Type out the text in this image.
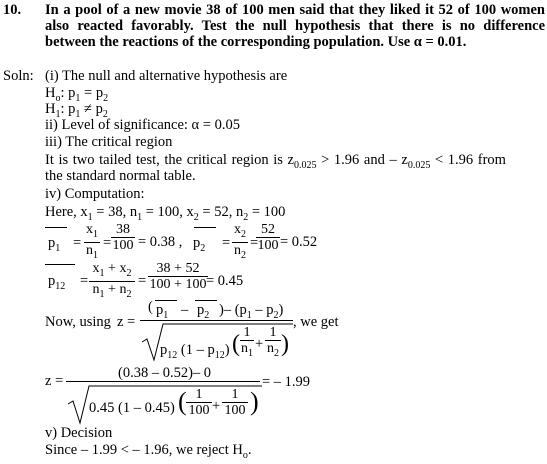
10. In a pool of a new movie 38 of 100 men said that they liked it 52 of 100 women also reacted favorably. Test the null hypothesis that there is no difference between the reactions of the corresponding population. Use α = 0.01.
Soln: (i) The null and alternative hypothesis are
$H_o$: $p_1 = p_2$
$H_1$: $p_1 \ne p_2$
ii) Level of significance: α = 0.05
iii) The critical region
It is two tailed test, the critical region is $z_{0.025} > 1.96$ and – $z_{0.025} < 1.96$ from
the standard normal table.
iv) Computation:
Here, $x_1 = 38$, $n_1 = 100$, $x_2 = 52$, $n_2 = 100$
$p_1 = \frac{x_1}{n_1} = \frac{38}{100} = 0.38$ , $p_2 = \frac{x_2}{n_2}$ =
$\frac{52}{100} = 0.52$
$p_{12} = \frac{x_1 + x_2}{n_1 + n_2} = \frac{38 + 52}{100 + 100}$
= 0.45
Now, using z =
( $p_1 - p_2$ )– $(p_1 - p_2)$
, we get
$p_{12}$ $(1 - p_{12})$ ( $\frac{1}{n_1} + \frac{1}{n_2}$ )
z =	(0.38 – 0.52)– 0
= – 1.99
0.45 (1 – 0.45) ( $\frac{1}{100} + \frac{1}{100}$ )
v) Decision
Since – 1.99 < – 1.96, we reject $H_o$.
